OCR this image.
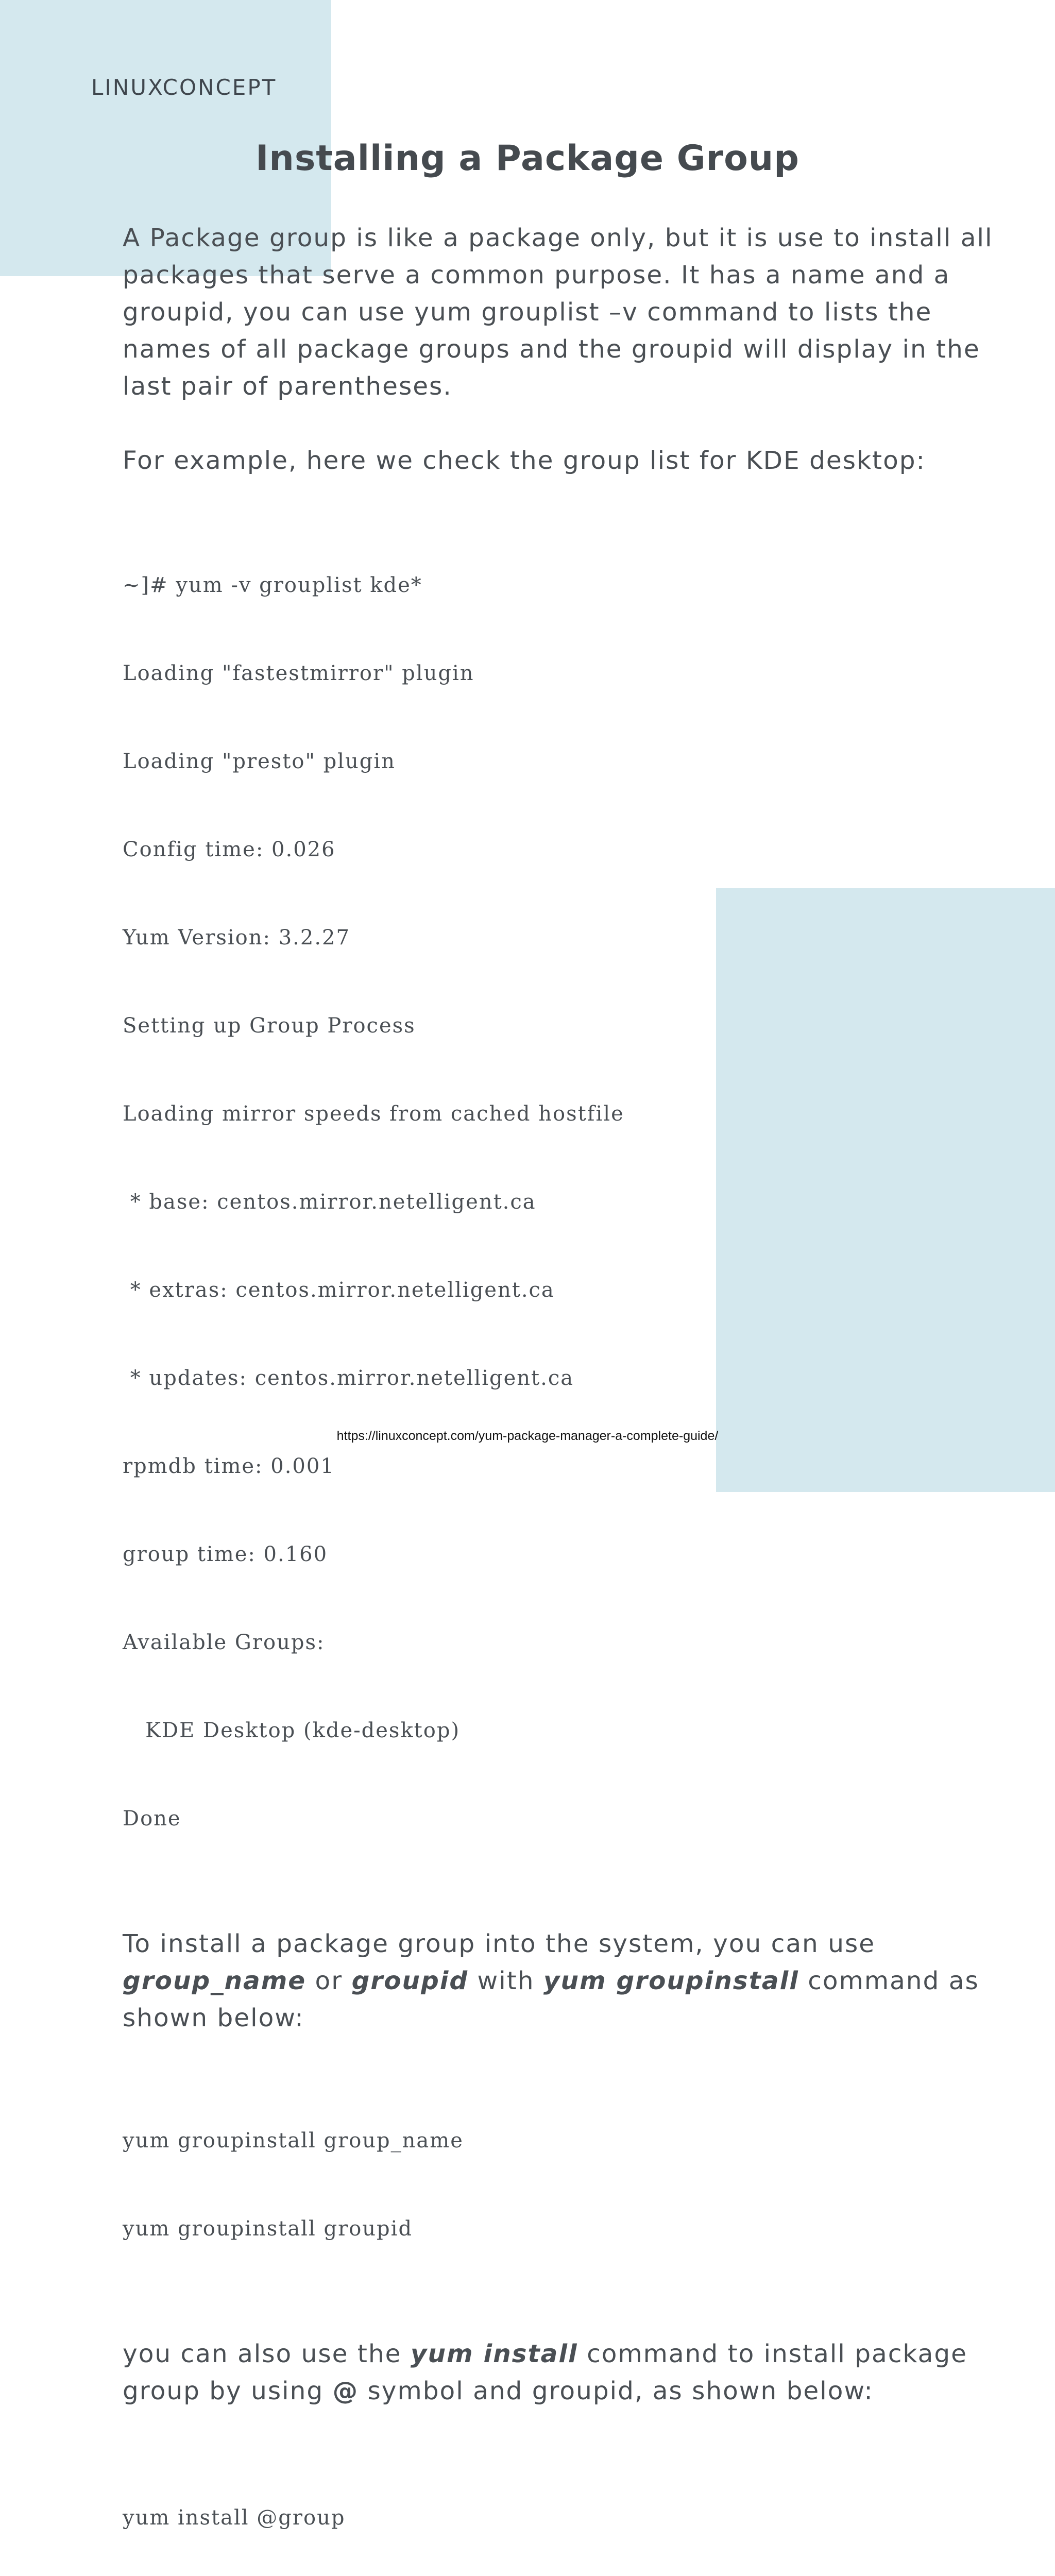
LINUXCONCEPT
Installing a Package Group

A Package group is like a package only, but it is use to install all packages that serve a common purpose. It has a name and a groupid, you can use yum grouplist –v command to lists the names of all package groups and the groupid will display in the last pair of parentheses.

For example, here we check the group list for KDE desktop:

~]# yum -v grouplist kde*

Loading "fastestmirror" plugin

Loading "presto" plugin

Config time: 0.026

Yum Version: 3.2.27

Setting up Group Process

Loading mirror speeds from cached hostfile

* base: centos.mirror.netelligent.ca

* extras: centos.mirror.netelligent.ca

* updates: centos.mirror.netelligent.ca

rpmdb time: 0.001

group time: 0.160

Available Groups:

KDE Desktop (kde-desktop)

Done

To install a package group into the system, you can use group_name or groupid with yum groupinstall command as shown below:

yum groupinstall group_name

yum groupinstall groupid

you can also use the yum install command to install package group by using @ symbol and groupid, as shown below:

yum install @group

https://linuxconcept.com/yum-package-manager-a-complete-guide/
